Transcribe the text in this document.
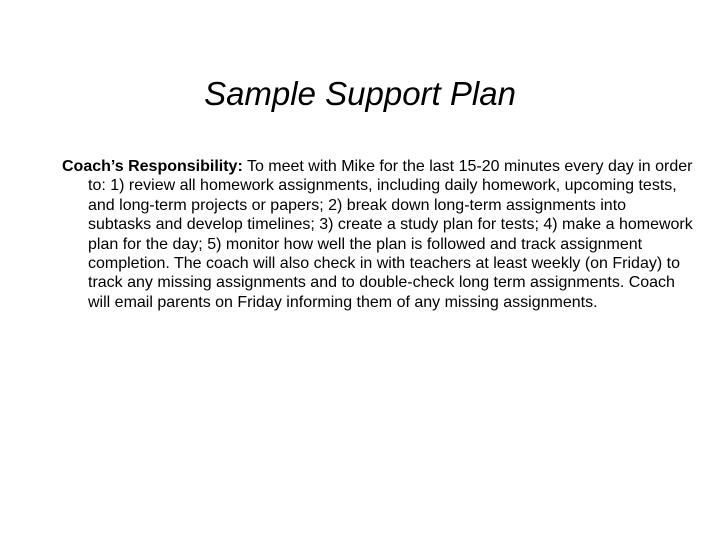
Sample Support Plan
Coach’s Responsibility: To meet with Mike for the last 15-20 minutes every day in order to: 1) review all homework assignments, including daily homework, upcoming tests, and long-term projects or papers; 2) break down long-term assignments into subtasks and develop timelines; 3) create a study plan for tests; 4) make a homework plan for the day; 5) monitor how well the plan is followed and track assignment completion. The coach will also check in with teachers at least weekly (on Friday) to track any missing assignments and to double-check long term assignments. Coach will email parents on Friday informing them of any missing assignments.
